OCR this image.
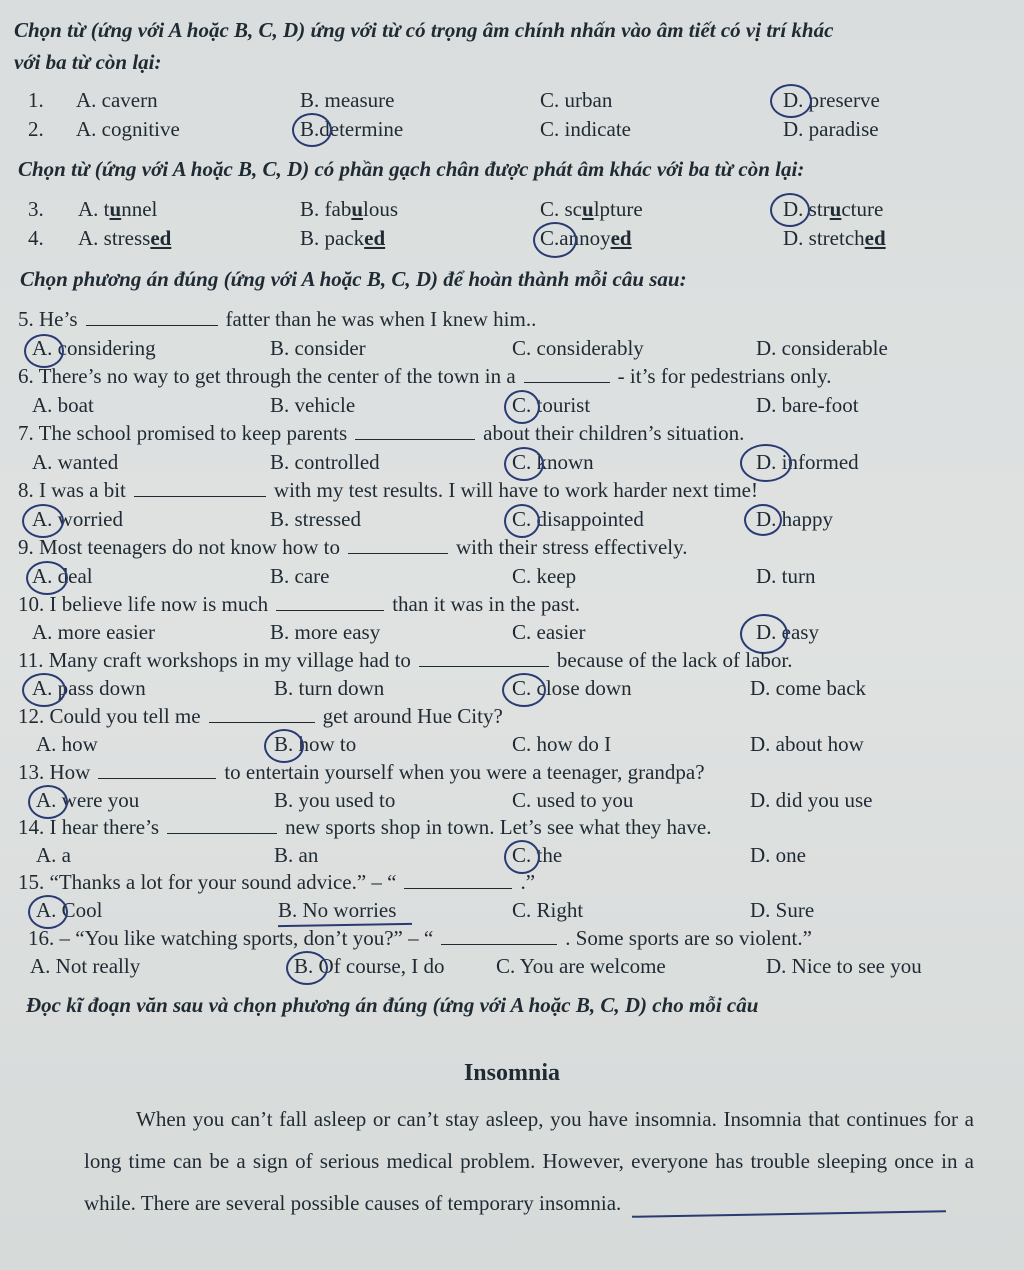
Chọn từ (ứng với A hoặc B, C, D) ứng với từ có trọng âm chính nhấn vào âm tiết có vị trí khác
với ba từ còn lại:
1. A. cavern	B. measure	C. urban	D. preserve
2. A. cognitive	B.determine	C. indicate	D. paradise
Chọn từ (ứng với A hoặc B, C, D) có phần gạch chân được phát âm khác với ba từ còn lại:
3. A. tunnel	B. fabulous	C. sculpture	D. structure
4. A. stressed	B. packed	C.annoyed	D. stretched
Chọn phương án đúng (ứng với A hoặc B, C, D) để hoàn thành mỗi câu sau:
5. He’s	fatter than he was when I knew him..
A. considering	B. consider	C. considerably	D. considerable
6. There’s no way to get through the center of the town in a	- it’s for pedestrians only.
A. boat	B. vehicle	C. tourist	D. bare-foot
7. The school promised to keep parents	about their children’s situation.
A. wanted	B. controlled	C. known	D. informed
8. I was a bit	with my test results. I will have to work harder next time!
A. worried	B. stressed	C. disappointed	D. happy
9. Most teenagers do not know how to	with their stress effectively.
A. deal	B. care	C. keep	D. turn
10. I believe life now is much	than it was in the past.
A. more easier	B. more easy	C. easier	D. easy
11. Many craft workshops in my village had to	because of the lack of labor.
A. pass down	B. turn down	C. close down	D. come back
12. Could you tell me	get around Hue City?
A. how	B. how to	C. how do I	D. about how
13. How	to entertain yourself when you were a teenager, grandpa?
A. were you	B. you used to	C. used to you	D. did you use
14. I hear there’s	new sports shop in town. Let’s see what they have.
A. a	B. an	C. the	D. one
15. “Thanks a lot for your sound advice.” – “	.”
A. Cool	B. No worries	C. Right	D. Sure
16. – “You like watching sports, don’t you?” – “	. Some sports are so violent.”
A. Not really	B. Of course, I do C. You are welcome	D. Nice to see you
Đọc kĩ đoạn văn sau và chọn phương án đúng (ứng với A hoặc B, C, D) cho mỗi câu
Insomnia
When you can’t fall asleep or can’t stay asleep, you have insomnia. Insomnia that continues for a long time can be a sign of serious medical problem. However, everyone has trouble sleeping once in a while. There are several possible causes of temporary insomnia.
